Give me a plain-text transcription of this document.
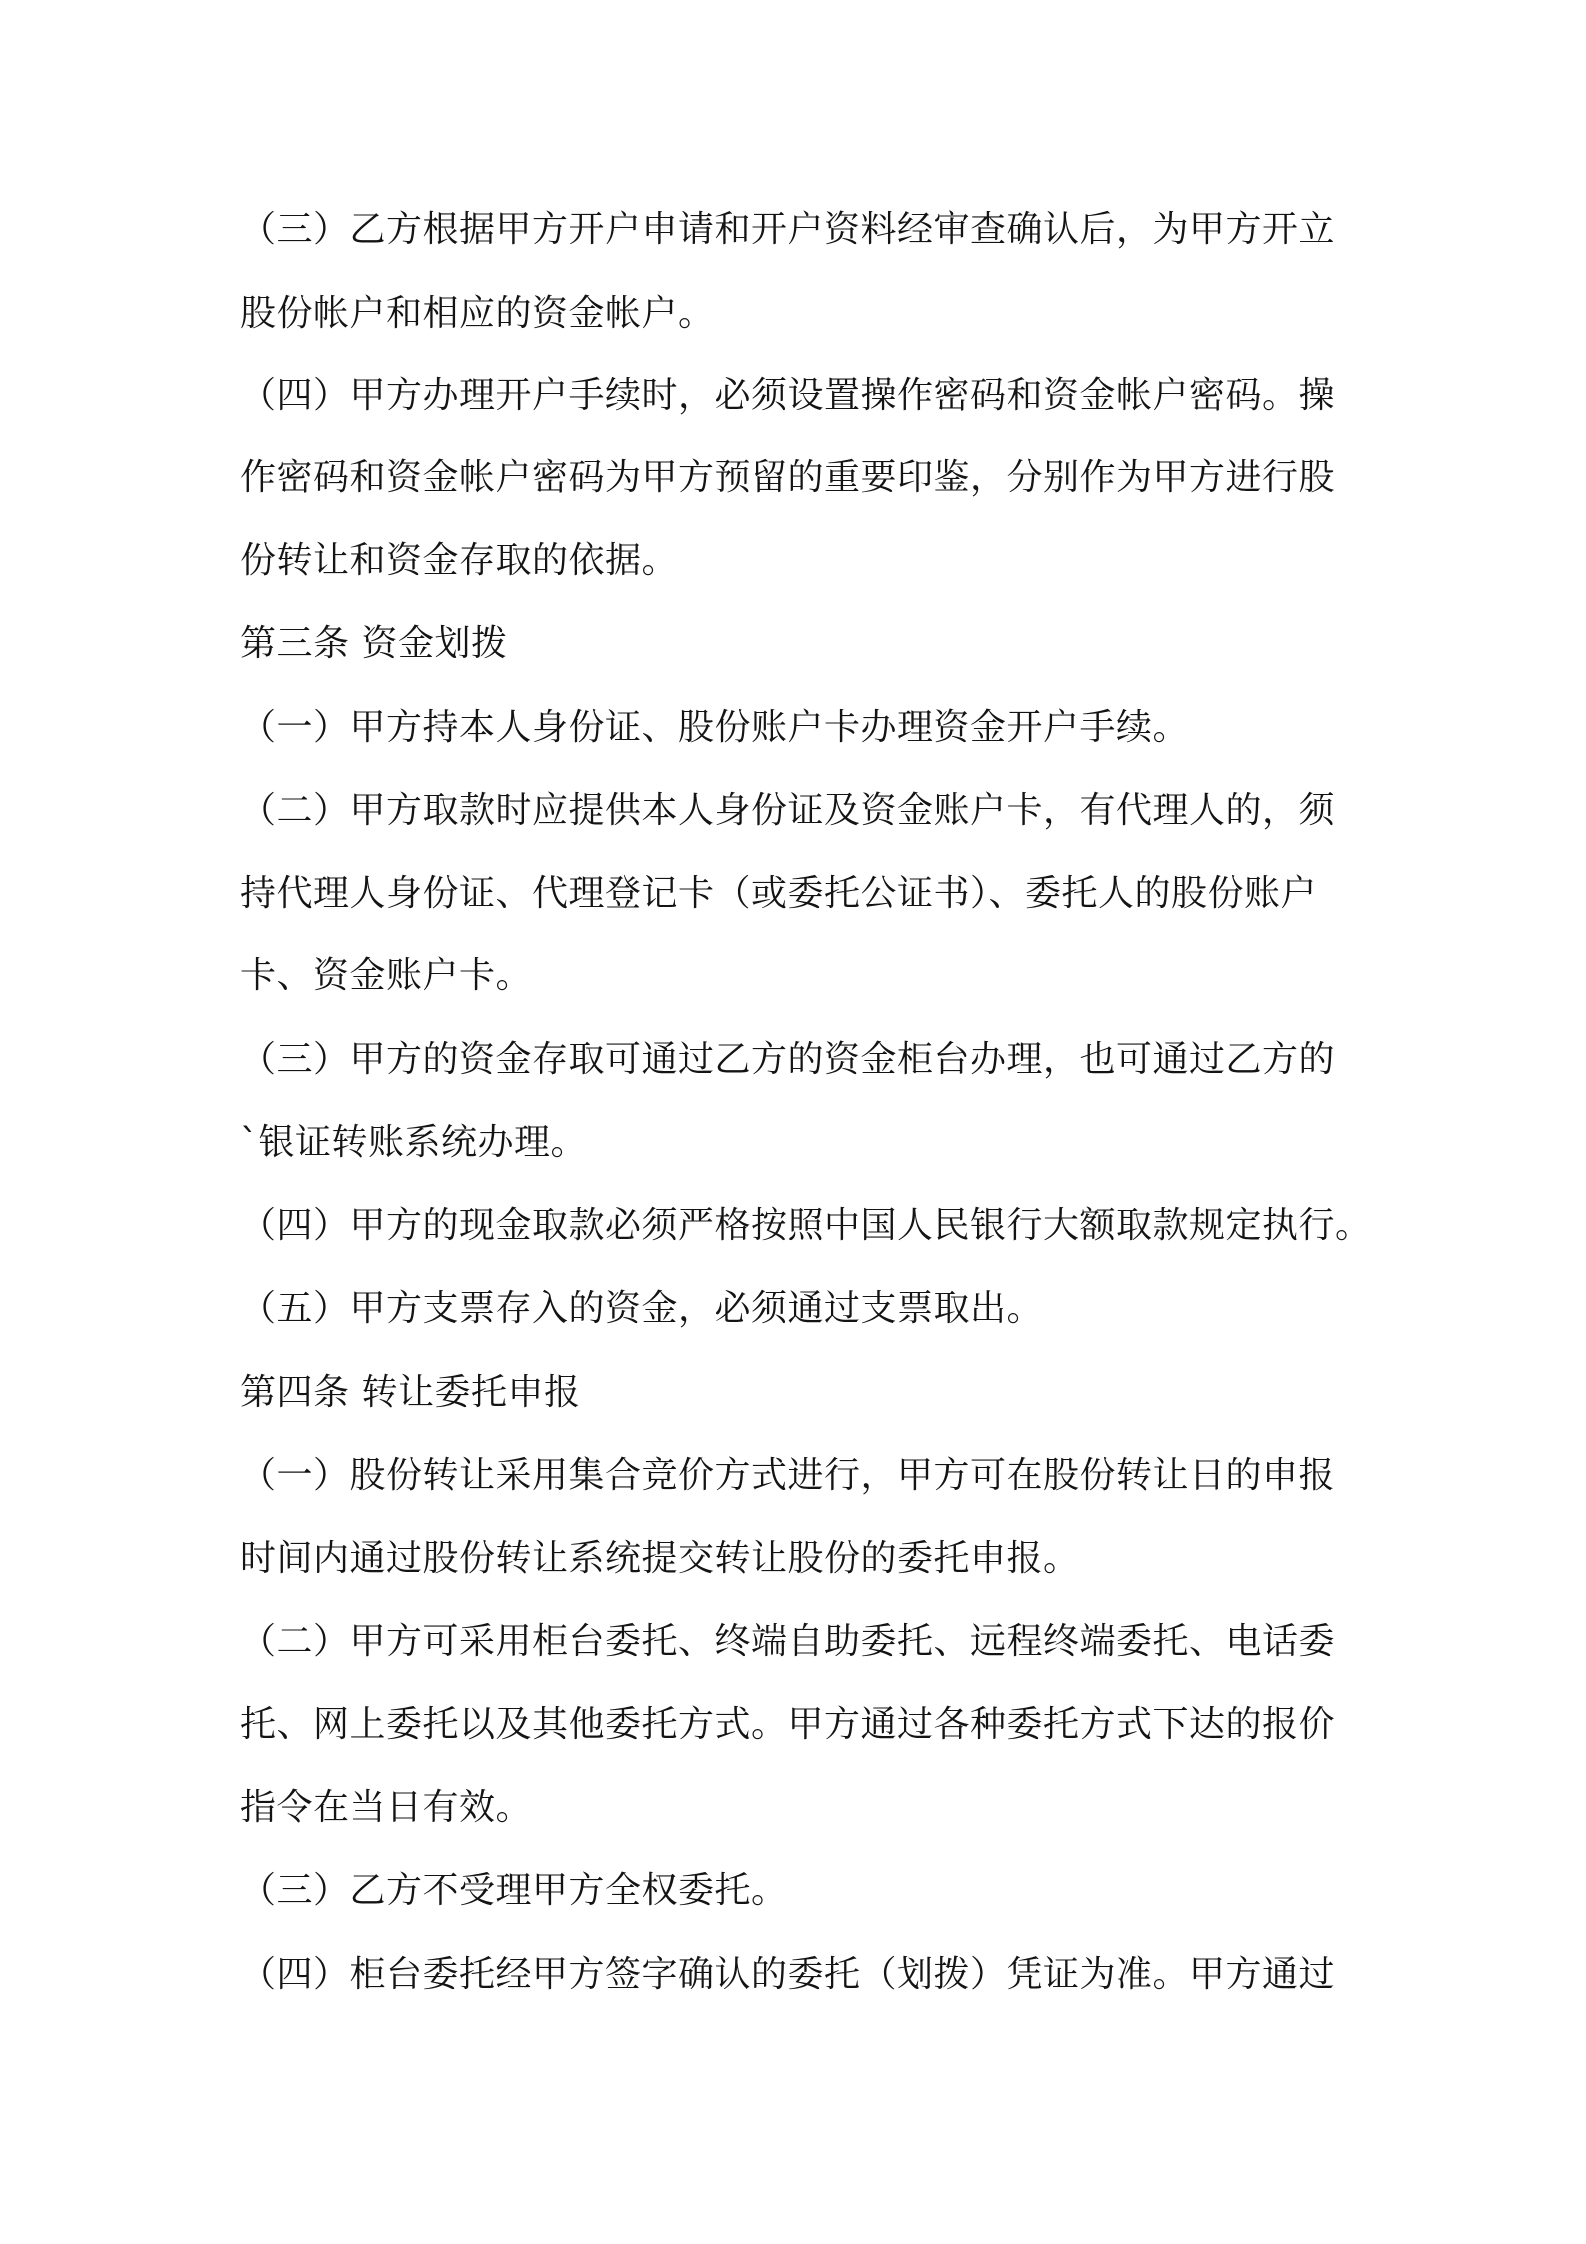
（三）乙方根据甲方开户申请和开户资料经审查确认后，为甲方开立
股份帐户和相应的资金帐户。
（四）甲方办理开户手续时，必须设置操作密码和资金帐户密码。操
作密码和资金帐户密码为甲方预留的重要印鉴，分别作为甲方进行股
份转让和资金存取的依据。
第三条 资金划拨
（一）甲方持本人身份证、股份账户卡办理资金开户手续。
（二）甲方取款时应提供本人身份证及资金账户卡，有代理人的，须
持代理人身份证、代理登记卡（或委托公证书）、委托人的股份账户
卡、资金账户卡。
（三）甲方的资金存取可通过乙方的资金柜台办理，也可通过乙方的
`银证转账系统办理。
（四）甲方的现金取款必须严格按照中国人民银行大额取款规定执行。
（五）甲方支票存入的资金，必须通过支票取出。
第四条 转让委托申报
（一）股份转让采用集合竞价方式进行，甲方可在股份转让日的申报
时间内通过股份转让系统提交转让股份的委托申报。
（二）甲方可采用柜台委托、终端自助委托、远程终端委托、电话委
托、网上委托以及其他委托方式。甲方通过各种委托方式下达的报价
指令在当日有效。
（三）乙方不受理甲方全权委托。
（四）柜台委托经甲方签字确认的委托（划拨）凭证为准。甲方通过
